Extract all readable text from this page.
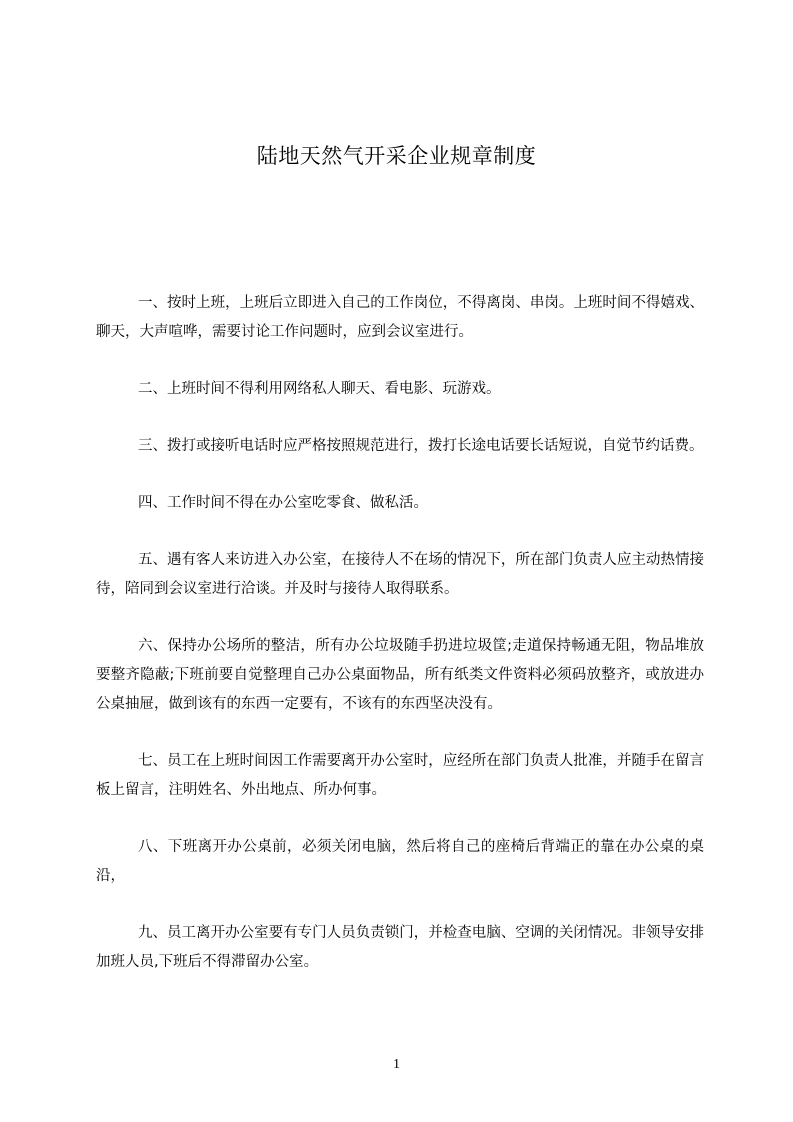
陆地天然气开采企业规章制度

一、按时上班，上班后立即进入自己的工作岗位，不得离岗、串岗。上班时间不得嬉戏、聊天，大声喧哗，需要讨论工作问题时，应到会议室进行。

二、上班时间不得利用网络私人聊天、看电影、玩游戏。

三、拨打或接听电话时应严格按照规范进行，拨打长途电话要长话短说，自觉节约话费。

四、工作时间不得在办公室吃零食、做私活。

五、遇有客人来访进入办公室，在接待人不在场的情况下，所在部门负责人应主动热情接待，陪同到会议室进行洽谈。并及时与接待人取得联系。

六、保持办公场所的整洁，所有办公垃圾随手扔进垃圾筐;走道保持畅通无阻，物品堆放要整齐隐蔽;下班前要自觉整理自己办公桌面物品，所有纸类文件资料必须码放整齐，或放进办公桌抽屉，做到该有的东西一定要有，不该有的东西坚决没有。

七、员工在上班时间因工作需要离开办公室时，应经所在部门负责人批准，并随手在留言板上留言，注明姓名、外出地点、所办何事。

八、下班离开办公桌前，必须关闭电脑，然后将自己的座椅后背端正的靠在办公桌的桌沿，

九、员工离开办公室要有专门人员负责锁门，并检查电脑、空调的关闭情况。非领导安排加班人员,下班后不得滞留办公室。

1
